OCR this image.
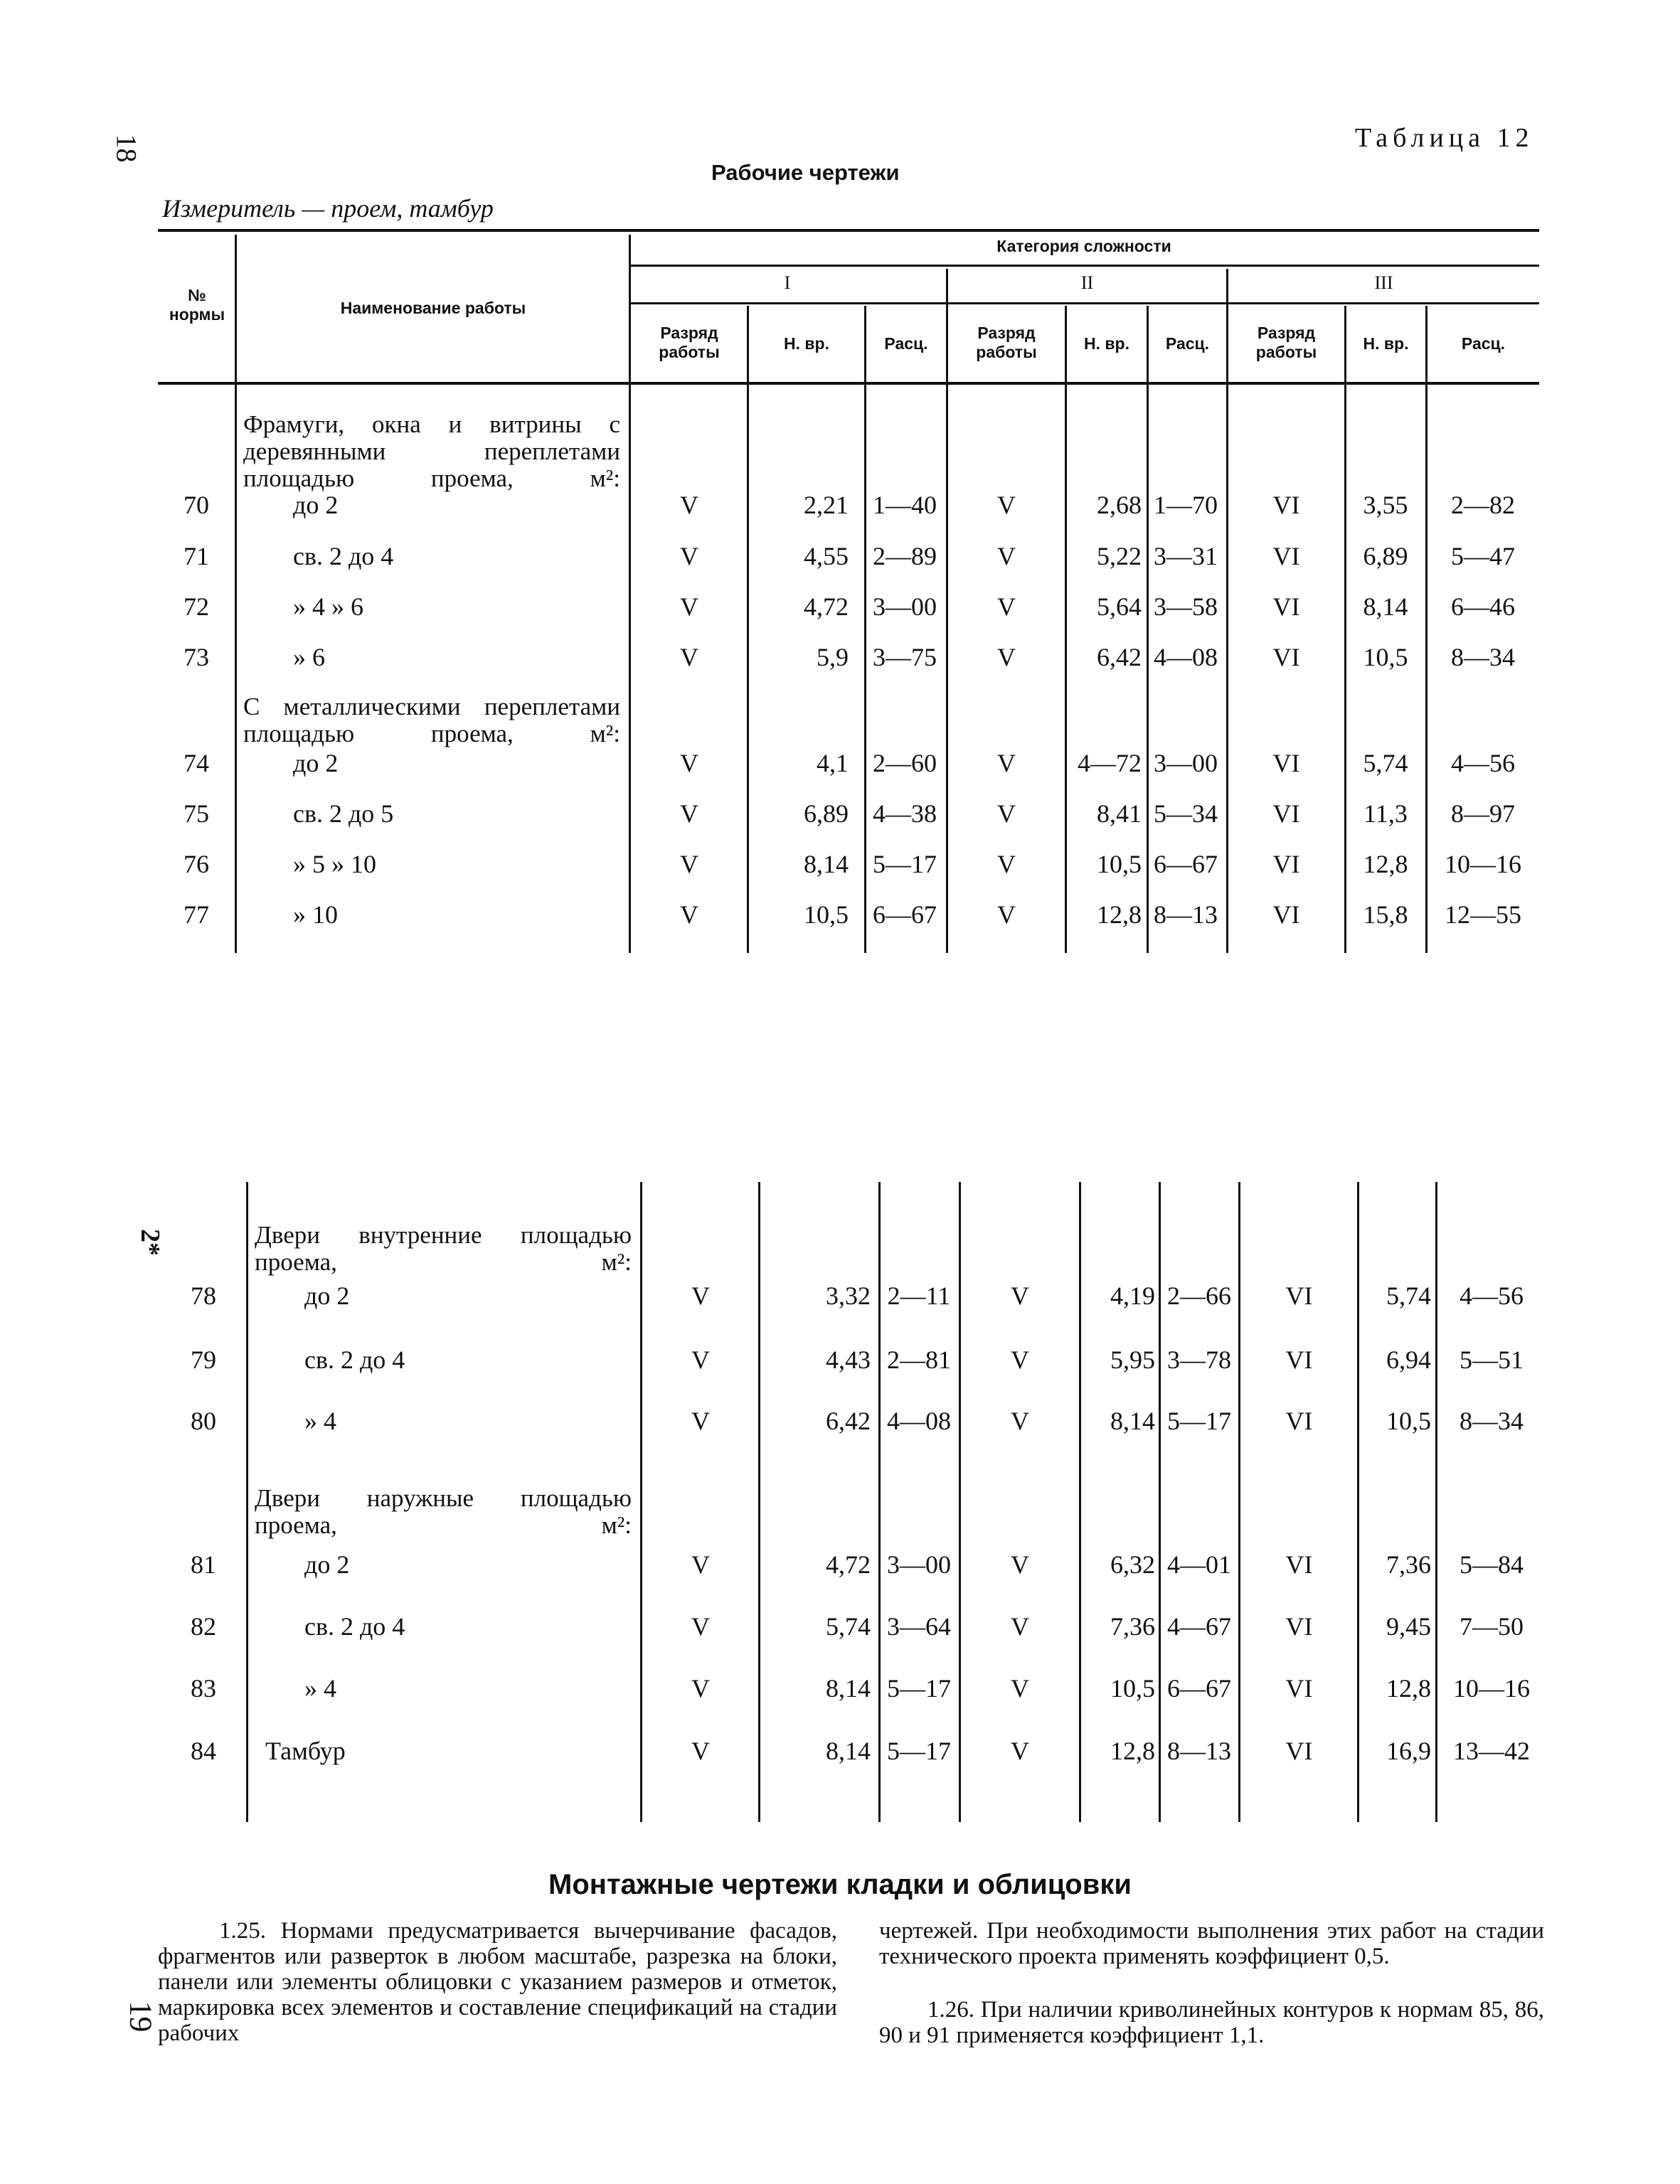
18
2*
19
Таблица 12
Рабочие чертежи
Измеритель — проем, тамбур
№ нормы	Наименование работы
Категория сложности
I	II	III
Разряд работы	Н. вр.	Расц.
Разряд работы	Н. вр.	Расц.
Разряд работы	Н. вр.	Расц.
Фрамуги, окна и витрины с деревянными переплетами площадью проема, м²:
С металлическими переплетами площадью проема, м²:
70	до 2	V	2,21 1—40	V	2,68 1—70	VI	3,55	2—82
71	св. 2 до 4	V	4,55 2—89	V	5,22 3—31	VI	6,89	5—47
72	» 4 » 6	V	4,72 3—00	V	5,64 3—58	VI	8,14	6—46
73	» 6	V	5,9 3—75	V	6,42 4—08	VI	10,5	8—34
74	до 2	V	4,1 2—60	V	4—72 3—00	VI	5,74	4—56
75	св. 2 до 5	V	6,89 4—38	V	8,41 5—34	VI	11,3	8—97
76	» 5 » 10	V	8,14 5—17	V	10,5 6—67	VI	12,8	10—16
77	» 10	V	10,5 6—67	V	12,8 8—13	VI	15,8	12—55
Двери внутренние площадью проема, м²:
Двери наружные площадью проема, м²:
78	до 2	V	3,32 2—11	V	4,19 2—66	VI	5,74	4—56
79	св. 2 до 4	V	4,43 2—81	V	5,95 3—78	VI	6,94	5—51
80	» 4	V	6,42 4—08	V	8,14 5—17	VI	10,5	8—34
81	до 2	V	4,72 3—00	V	6,32 4—01	VI	7,36	5—84
82	св. 2 до 4	V	5,74 3—64	V	7,36 4—67	VI	9,45	7—50
83	» 4	V	8,14 5—17	V	10,5 6—67	VI	12,8 10—16
84	Тамбур	V	8,14 5—17	V	12,8 8—13	VI	16,9 13—42
Монтажные чертежи кладки и облицовки
1.25. Нормами предусматривается вычерчивание фасадов, фрагментов или разверток в любом масштабе, разрезка на блоки, панели или элементы облицовки с указанием размеров и отметок, маркировка всех элементов и составление спецификаций на стадии рабочих
чертежей. При необходимости выполнения этих работ на стадии технического проекта применять коэффициент 0,5.
1.26. При наличии криволинейных контуров к нормам 85, 86, 90 и 91 применяется коэффициент 1,1.
